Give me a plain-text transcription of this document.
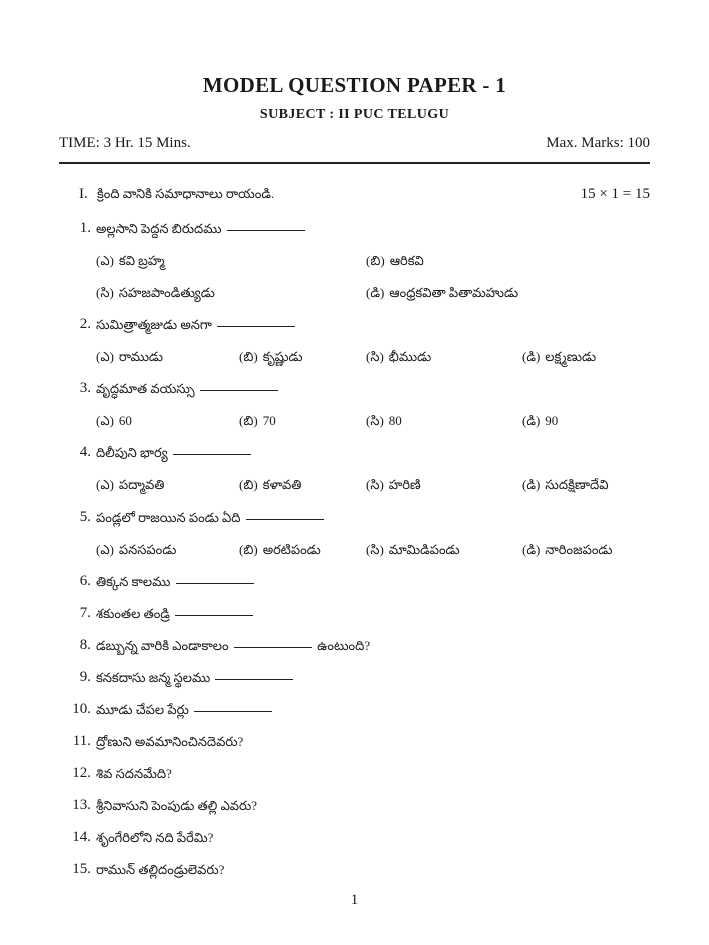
MODEL QUESTION PAPER - 1
SUBJECT : II PUC TELUGU
TIME: 3 Hr. 15 Mins.	Max. Marks: 100
I. క్రింది వానికి సమాధానాలు రాయండి.	15 × 1 = 15
1. అల్లసాని పెద్దన బిరుదము
(ఎ) కవి బ్రహ్మ	(బి) ఆరికవి
(సి) సహజపాండిత్యుడు	(డి) ఆంధ్రకవితా పితామహుడు
2. సుమిత్రాత్మజుడు అనగా
(ఎ) రాముడు	(బి) కృష్ణుడు	(సి) భీముడు	(డి) లక్ష్మణుడు
3. వృద్ధమాత వయస్సు
(ఎ) 60	(బి) 70	(సి) 80	(డి) 90
4. దిలీపుని భార్య
(ఎ) పద్మావతి	(బి) కళావతి	(సి) హరిణి	(డి) సుదక్షిణాదేవి
5. పండ్లలో రాజయిన పండు ఏది
(ఎ) పనసపండు	(బి) అరటిపండు	(సి) మామిడిపండు	(డి) నారింజపండు
6. తిక్కన కాలము
7. శకుంతల తండ్రి
8. డబ్బున్న వారికి ఎండాకాలం	ఉంటుంది?
9. కనకదాసు జన్మ స్థలము
10. మూడు చేపల పేర్లు
11. ద్రోణుని అవమానించినదెవరు?
12. శివ సదనమేది?
13. శ్రీనివాసుని పెంపుడు తల్లి ఎవరు?
14. శృంగేరిలోని నది పేరేమి?
15. రామున్ తల్లిదండ్రులెవరు?
1
